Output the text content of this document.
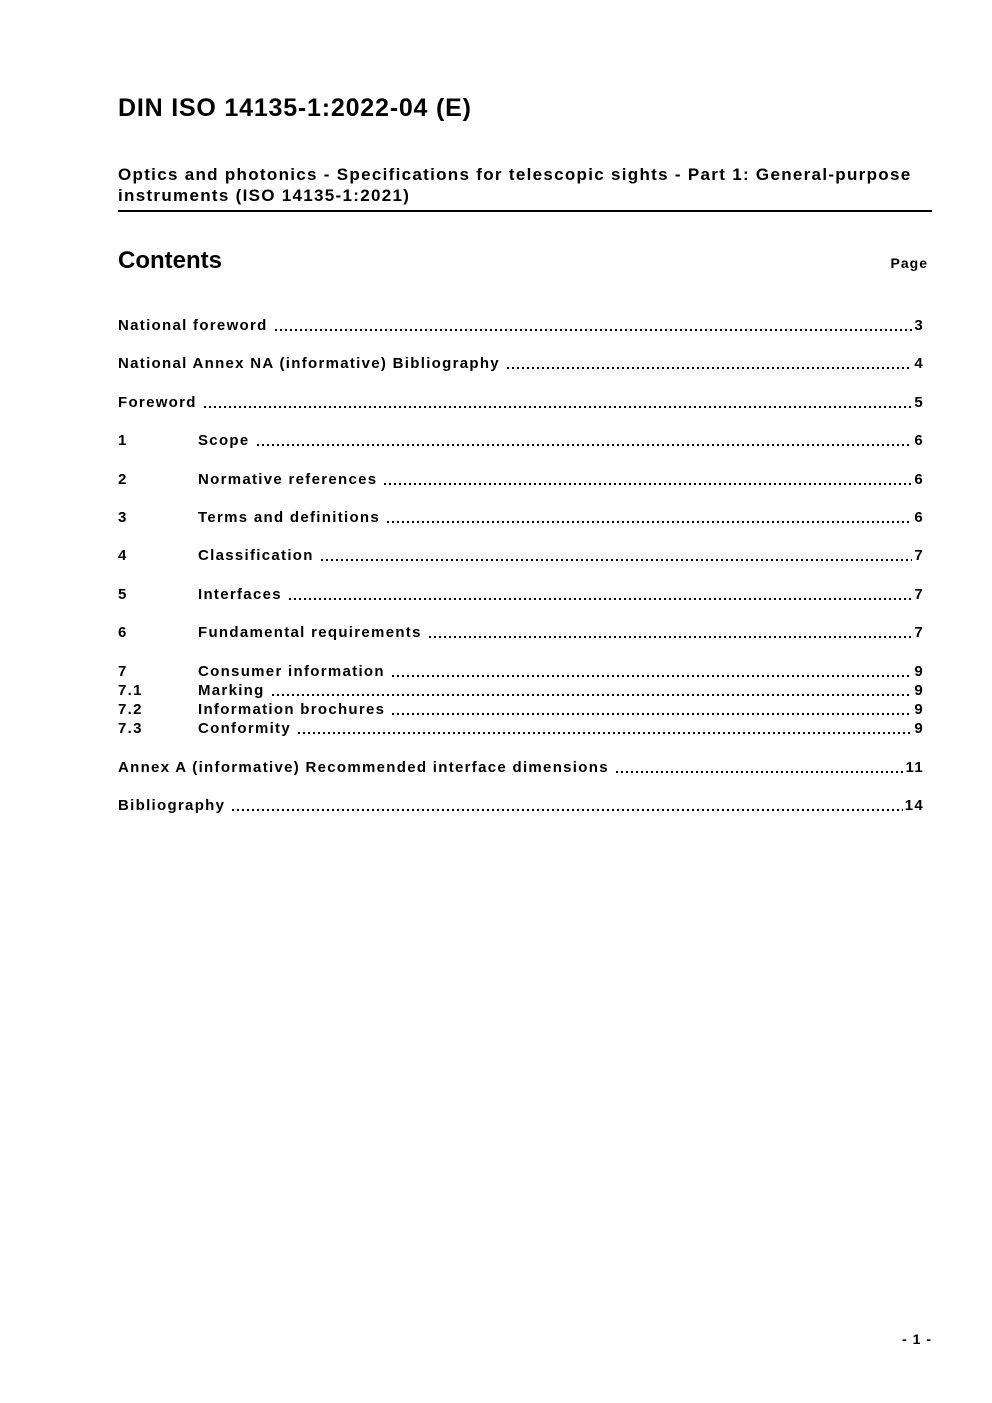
DIN ISO 14135-1:2022-04 (E)
Optics and photonics - Specifications for telescopic sights - Part 1: General-purpose instruments (ISO 14135-1:2021)
Contents	Page
National foreword	3
National Annex NA (informative) Bibliography	4
Foreword	5
1	Scope	6
2	Normative references	6
3	Terms and definitions	6
4	Classification	7
5	Interfaces	7
6	Fundamental requirements	7
7	Consumer information	9
7.1	Marking	9
7.2	Information brochures	9
7.3	Conformity	9
Annex A (informative) Recommended interface dimensions	11
Bibliography	14
- 1 -
